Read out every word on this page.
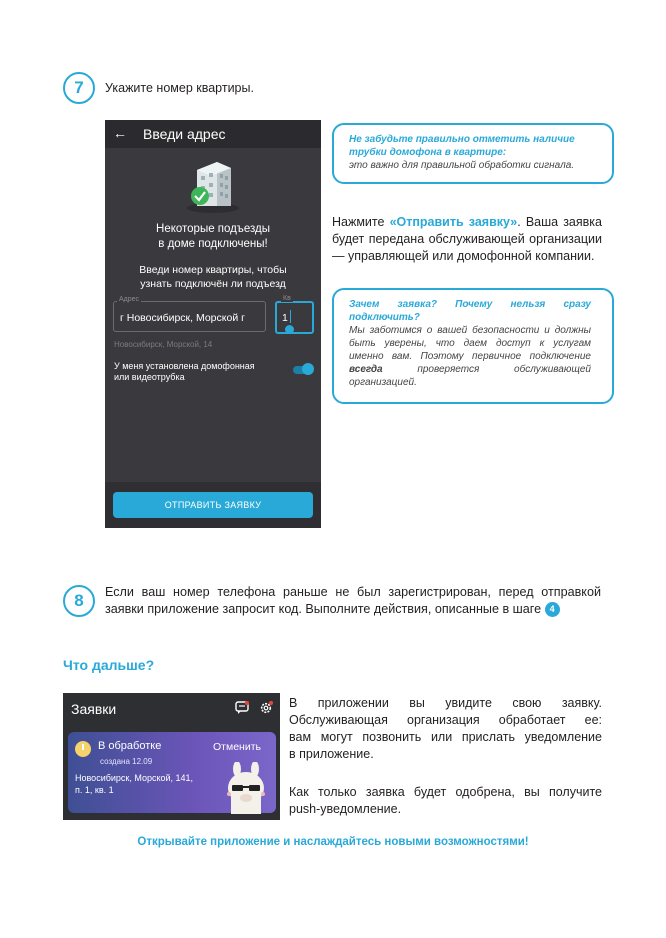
7	Укажите номер квартиры.
← Введи адрес
Некоторые подъезды
в доме подключены!
Введи номер квартиры, чтобы
узнать подключён ли подъезд
Адрес
г Новосибирск, Морской г
Кв
1
Новосибирск, Морской, 14
У меня установлена домофонная
или видеотрубка
ОТПРАВИТЬ ЗАЯВКУ
Не забудьте правильно отметить наличие
трубки домофона в квартире:
это важно для правильной обработки сигнала.
Нажмите «Отправить заявку». Ваша заявка
будет передана обслуживающей организации
— управляющей или домофонной компании.
Зачем заявка? Почему нельзя сразу
подключить?
Мы заботимся о вашей безопасности и должны
быть уверены, что даем доступ к услугам
именно вам. Поэтому первичное подключение
всегда	проверяется обслуживающей
организацией.
8	Если ваш номер телефона раньше не был зарегистрирован, перед отправкой
заявки приложение запросит код. Выполните действия, описанные в шаге 4
Что дальше?
Заявки
В обработке
создана 12.09
Отменить
Новосибирск, Морской, 141,
п. 1, кв. 1
В приложении вы увидите свою заявку.
Обслуживающая организация обработает ее:
вам могут позвонить или прислать уведомление
в приложение.
Как только заявка будет одобрена, вы получите
push-уведомление.
Открывайте приложение и наслаждайтесь новыми возможностями!
